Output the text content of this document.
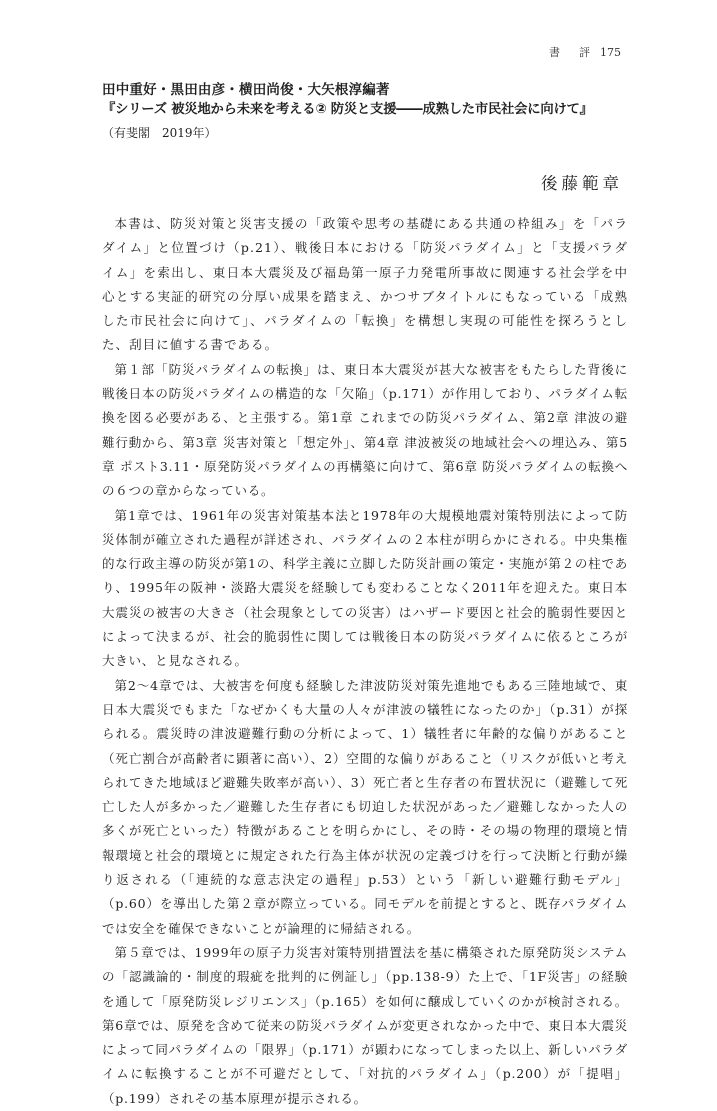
書　評 175
田中重好・黒田由彦・横田尚俊・大矢根淳編著
『シリーズ 被災地から未来を考える② 防災と支援――成熟した市民社会に向けて』
（有斐閣　2019年）
後藤範章

本書は、防災対策と災害支援の「政策や思考の基礎にある共通の枠組み」を「パラダイム」と位置づけ（p.21）、戦後日本における「防災パラダイム」と「支援パラダイム」を索出し、東日本大震災及び福島第一原子力発電所事故に関連する社会学を中心とする実証的研究の分厚い成果を踏まえ、かつサブタイトルにもなっている「成熟した市民社会に向けて」、パラダイムの「転換」を構想し実現の可能性を探ろうとした、刮目に値する書である。

第１部「防災パラダイムの転換」は、東日本大震災が甚大な被害をもたらした背後に戦後日本の防災パラダイムの構造的な「欠陥」（p.171）が作用しており、パラダイム転換を図る必要がある、と主張する。第1章 これまでの防災パラダイム、第2章 津波の避難行動から、第3章 災害対策と「想定外」、第4章 津波被災の地域社会への埋込み、第5章 ポスト3.11・原発防災パラダイムの再構築に向けて、第6章 防災パラダイムの転換への６つの章からなっている。

第1章では、1961年の災害対策基本法と1978年の大規模地震対策特別法によって防災体制が確立された過程が詳述され、パラダイムの２本柱が明らかにされる。中央集権的な行政主導の防災が第1の、科学主義に立脚した防災計画の策定・実施が第２の柱であり、1995年の阪神・淡路大震災を経験しても変わることなく2011年を迎えた。東日本大震災の被害の大きさ（社会現象としての災害）はハザード要因と社会的脆弱性要因とによって決まるが、社会的脆弱性に関しては戦後日本の防災パラダイムに依るところが大きい、と見なされる。

第2～4章では、大被害を何度も経験した津波防災対策先進地でもある三陸地域で、東日本大震災でもまた「なぜかくも大量の人々が津波の犠牲になったのか」（p.31）が探られる。震災時の津波避難行動の分析によって、1）犠牲者に年齢的な偏りがあること（死亡割合が高齢者に顕著に高い）、2）空間的な偏りがあること（リスクが低いと考えられてきた地域ほど避難失敗率が高い）、3）死亡者と生存者の布置状況に（避難して死亡した人が多かった／避難した生存者にも切迫した状況があった／避難しなかった人の多くが死亡といった）特徴があることを明らかにし、その時・その場の物理的環境と情報環境と社会的環境とに規定された行為主体が状況の定義づけを行って決断と行動が繰り返される（「連続的な意志決定の過程」p.53）という「新しい避難行動モデル」（p.60）を導出した第２章が際立っている。同モデルを前提とすると、既存パラダイムでは安全を確保できないことが論理的に帰結される。

第５章では、1999年の原子力災害対策特別措置法を基に構築された原発防災システムの「認識論的・制度的瑕疵を批判的に例証し」（pp.138-9）た上で、「1F災害」の経験を通して「原発防災レジリエンス」（p.165）を如何に醸成していくのかが検討される。第6章では、原発を含めて従来の防災パラダイムが変更されなかった中で、東日本大震災によって同パラダイムの「限界」（p.171）が顕わになってしまった以上、新しいパラダイムに転換することが不可避だとして、「対抗的パラダイム」（p.200）が「提唱」（p.199）されその基本原理が提示される。
